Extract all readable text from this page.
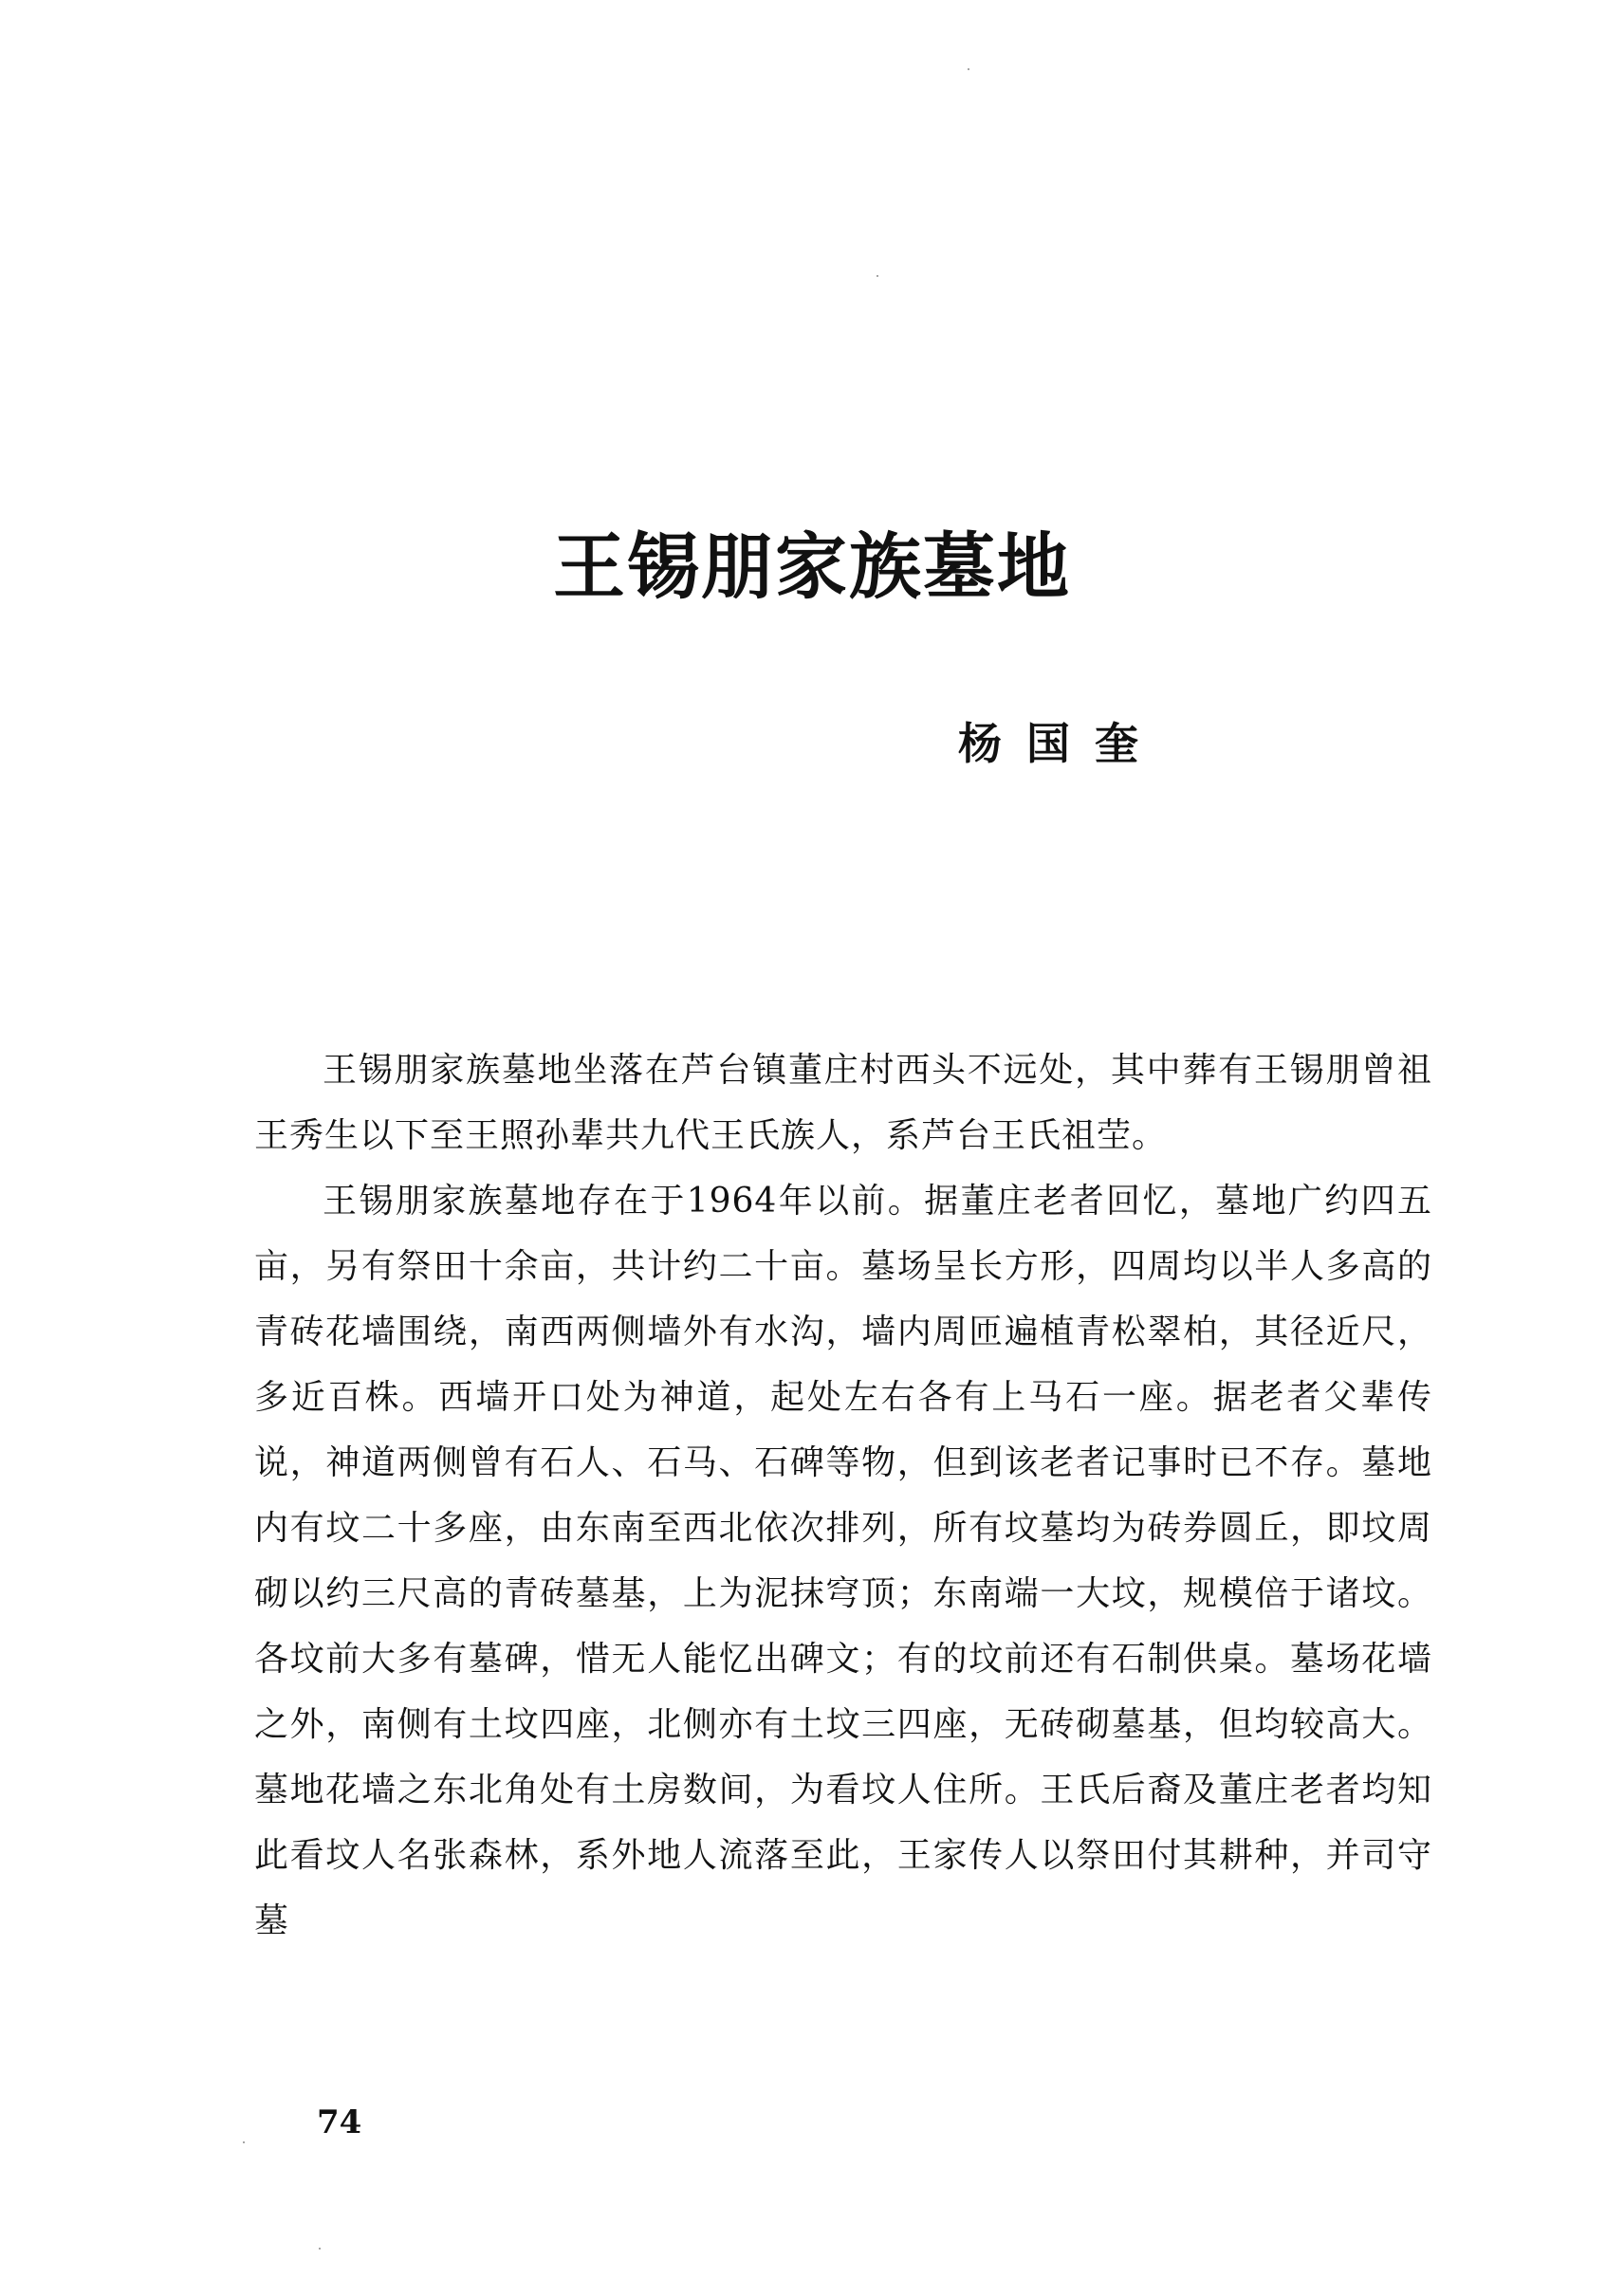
王锡朋家族墓地
杨国奎

王锡朋家族墓地坐落在芦台镇董庄村西头不远处，其中葬有王锡朋曾祖王秀生以下至王照孙辈共九代王氏族人，系芦台王氏祖茔。

王锡朋家族墓地存在于1964年以前。据董庄老者回忆，墓地广约四五亩，另有祭田十余亩，共计约二十亩。墓场呈长方形，四周均以半人多高的青砖花墙围绕，南西两侧墙外有水沟，墙内周匝遍植青松翠柏，其径近尺，多近百株。西墙开口处为神道，起处左右各有上马石一座。据老者父辈传说，神道两侧曾有石人、石马、石碑等物，但到该老者记事时已不存。墓地内有坟二十多座，由东南至西北依次排列，所有坟墓均为砖券圆丘，即坟周砌以约三尺高的青砖墓基，上为泥抹穹顶；东南端一大坟，规模倍于诸坟。各坟前大多有墓碑，惜无人能忆出碑文；有的坟前还有石制供桌。墓场花墙之外，南侧有土坟四座，北侧亦有土坟三四座，无砖砌墓基，但均较高大。墓地花墙之东北角处有土房数间，为看坟人住所。王氏后裔及董庄老者均知此看坟人名张森林，系外地人流落至此，王家传人以祭田付其耕种，并司守墓

74
